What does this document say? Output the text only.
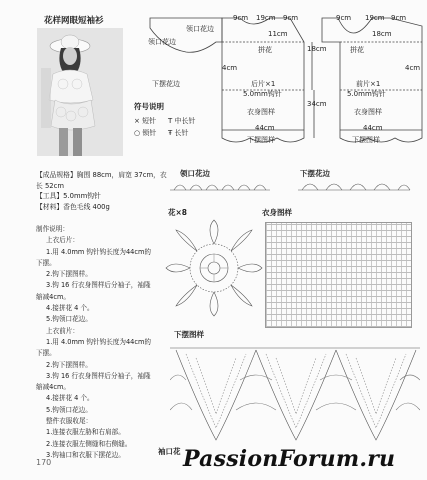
花样网眼短袖衫
领口花边
领口花边
下摆花边
9cm 19cm 9cm
11cm
拼花	18cm
4cm
后片×1
5.0mm钩针
衣身图样
34cm
44cm
下摆图样
9cm 19cm 9cm
18cm
拼花
4cm
前片×1
5.0mm钩针
衣身图样
44cm
下摆图样
符号说明
× 短针 T 中长针
○ 锁针 Ŧ 长针
【成品规格】胸围 88cm，肩宽 37cm，衣
长 52cm
【工具】5.0mm钩针
【材料】香色毛线 400g
制作说明：
上衣后片：
1.用 4.0mm 钩针钩长度为44cm的
下摆。
2.钩下摆图样。
3.钩 16 行衣身图样后分袖子，袖隆
缩减4cm。
4.接拼花 4 个。
5.钩领口花边。
上衣前片：
1.用 4.0mm 钩针钩长度为44cm的
下摆。
2.钩下摆图样。
3.钩 16 行衣身图样后分袖子，袖隆
缩减4cm。
4.接拼花 4 个。
5.钩领口花边。
整件衣服收尾：
1.连接衣服左胁和右肩部。
2.连接衣服左侧缝和右侧缝。
3.钩袖口和衣服下摆花边。
领口花边	下摆花边
花×8	衣身图样
下摆图样
袖口花
170	PassionForum.ru
